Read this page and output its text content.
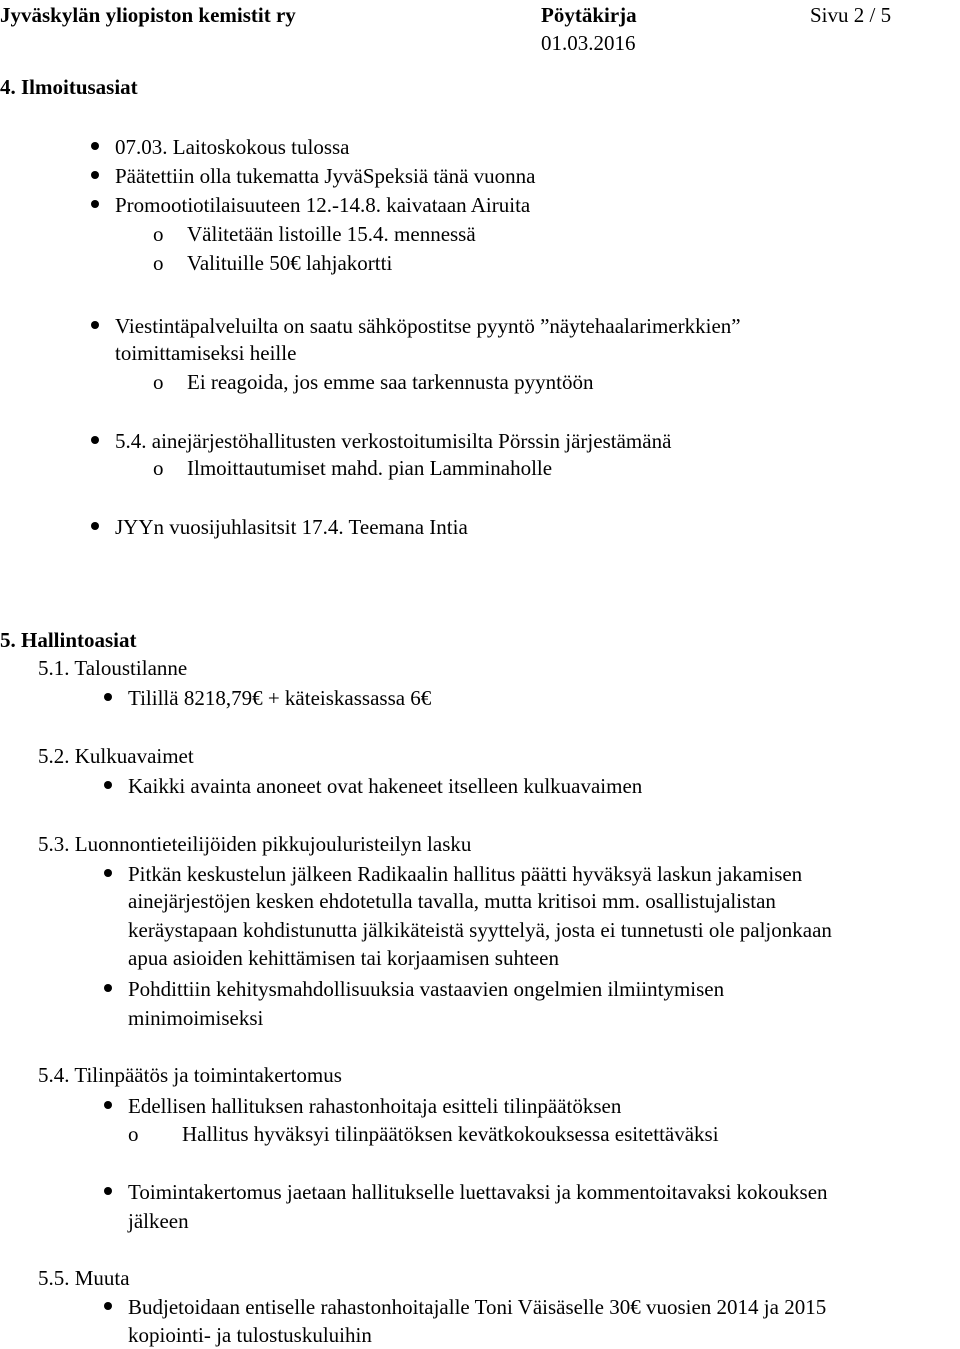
Jyväskylän yliopiston kemistit ry	Pöytäkirja
01.03.2016
Sivu 2 / 5
4. Ilmoitusasiat
07.03. Laitoskokous tulossa
Päätettiin olla tukematta JyväSpeksiä tänä vuonna
Promootiotilaisuuteen 12.-14.8. kaivataan Airuita
o Välitetään listoille 15.4. mennessä
o Valituille 50€ lahjakortti
Viestintäpalveluilta on saatu sähköpostitse pyyntö ”näytehaalarimerkkien”
toimittamiseksi heille
o Ei reagoida, jos emme saa tarkennusta pyyntöön
5.4. ainejärjestöhallitusten verkostoitumisilta Pörssin järjestämänä
o Ilmoittautumiset mahd. pian Lamminaholle
JYYn vuosijuhlasitsit 17.4. Teemana Intia
5. Hallintoasiat
5.1. Taloustilanne
Tilillä 8218,79€ + käteiskassassa 6€
5.2. Kulkuavaimet
Kaikki avainta anoneet ovat hakeneet itselleen kulkuavaimen
5.3. Luonnontieteilijöiden pikkujouluristeilyn lasku
Pitkän keskustelun jälkeen Radikaalin hallitus päätti hyväksyä laskun jakamisen
ainejärjestöjen kesken ehdotetulla tavalla, mutta kritisoi mm. osallistujalistan
keräystapaan kohdistunutta jälkikäteistä syyttelyä, josta ei tunnetusti ole paljonkaan
apua asioiden kehittämisen tai korjaamisen suhteen
Pohdittiin kehitysmahdollisuuksia vastaavien ongelmien ilmiintymisen
minimoimiseksi
5.4. Tilinpäätös ja toimintakertomus
Edellisen hallituksen rahastonhoitaja esitteli tilinpäätöksen
o Hallitus hyväksyi tilinpäätöksen kevätkokouksessa esitettäväksi
Toimintakertomus jaetaan hallitukselle luettavaksi ja kommentoitavaksi kokouksen
jälkeen
5.5. Muuta
Budjetoidaan entiselle rahastonhoitajalle Toni Väisäselle 30€ vuosien 2014 ja 2015
kopiointi- ja tulostuskuluihin
